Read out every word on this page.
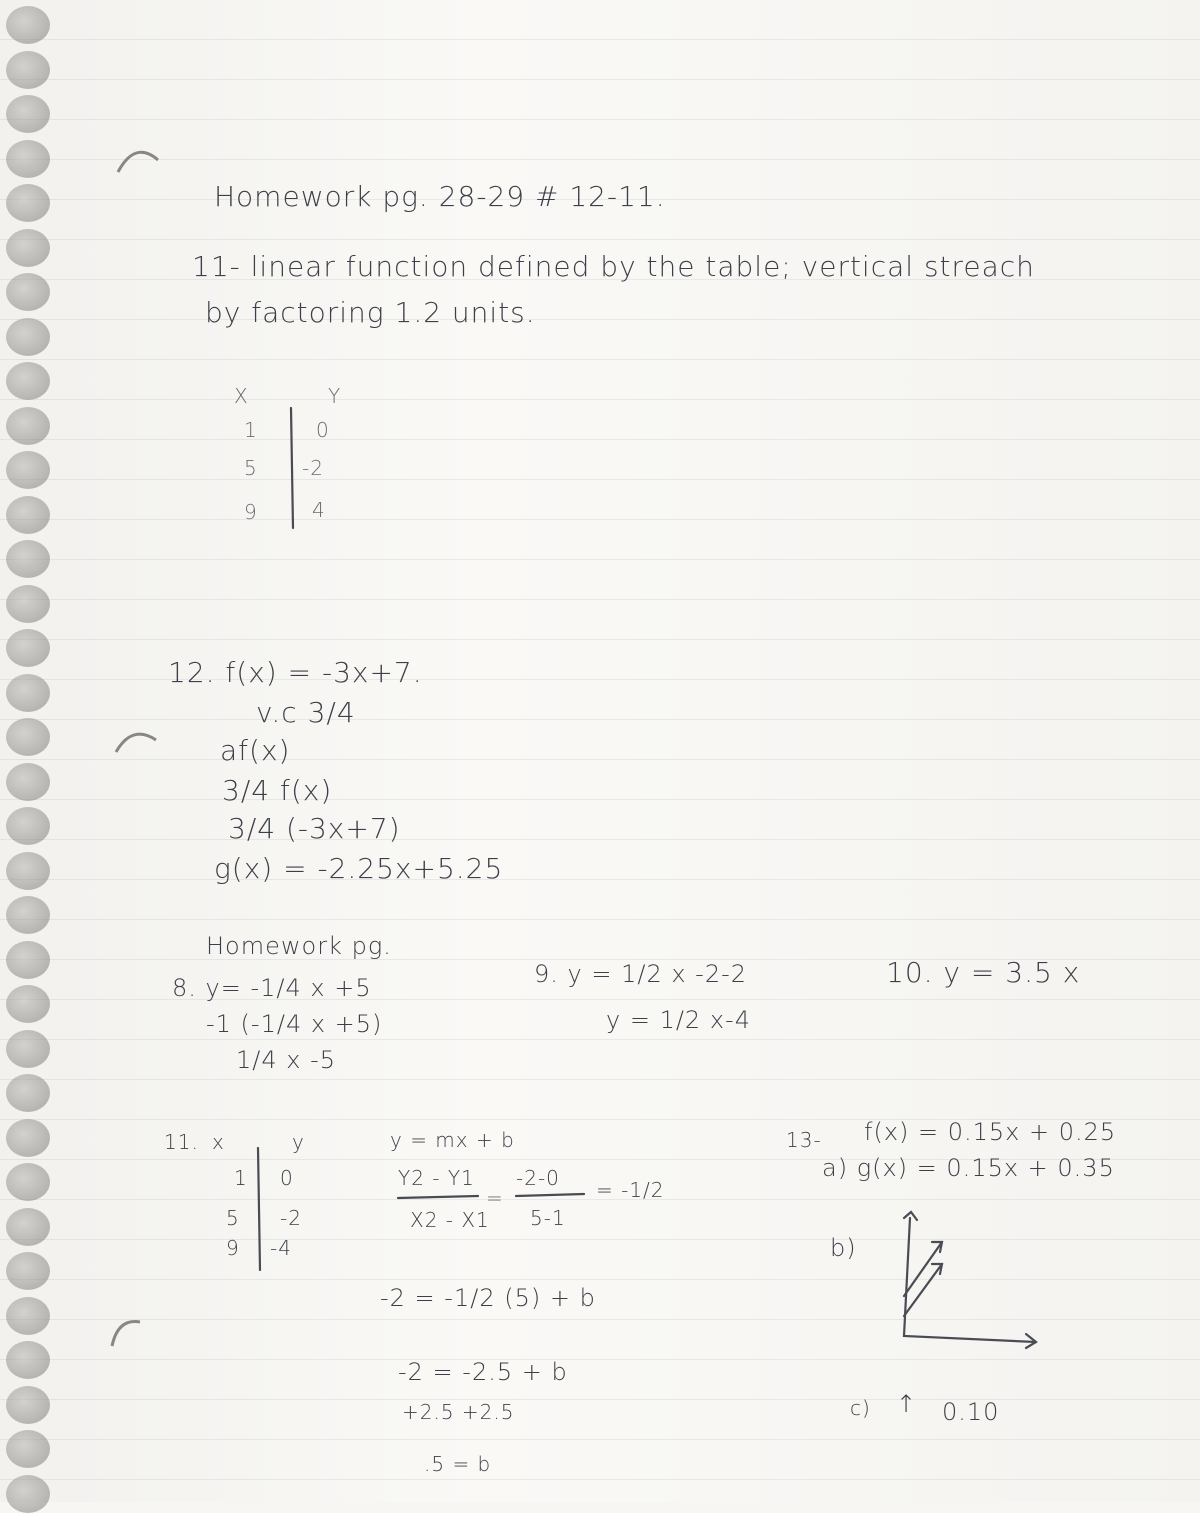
Homework pg. 28-29 # 12-11.
11- linear function defined by the table; vertical streach
by factoring 1.2 units.
X	Y
1	0
5 -2
9	4
12. f(x) = -3x+7.
v.c 3/4
af(x)
3/4 f(x)
3/4 (-3x+7)
g(x) = -2.25x+5.25
Homework pg.
8. y= -1/4 x +5
-1 (-1/4 x +5)
1/4 x -5
9. y = 1/2 x -2-2
y = 1/2 x-4
10. y = 3.5 x
11. x	y
1 0
5 -2
9 -4
y = mx + b
Y2 - Y1
X2 - X1
=
-2-0
5-1
= -1/2
-2 = -1/2 (5) + b
-2 = -2.5 + b
+2.5 +2.5
.5 = b
13- f(x) = 0.15x + 0.25
a) g(x) = 0.15x + 0.35
b)
c) ↑ 0.10
